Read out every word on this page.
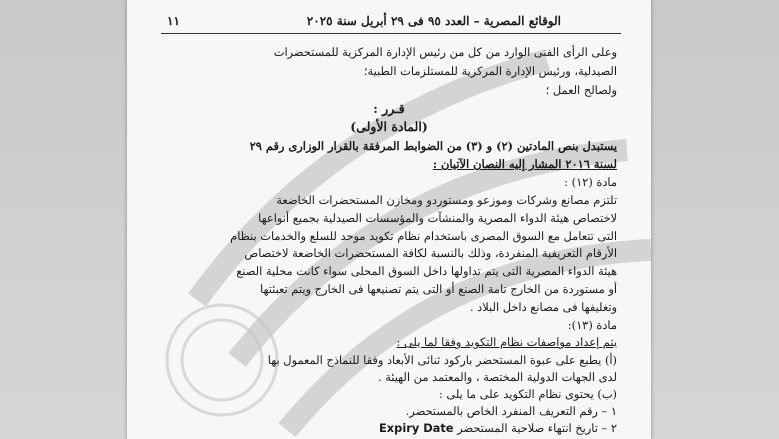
الوقائع المصرية – العدد ٩٥ فى ٢٩ أبريل سنة ٢٠٢٥
١١
وعلى الرأى الفنى الوارد من كل من رئيس الإدارة المركزية للمستحضرات
الصيدلية، ورئيس الإدارة المركزية للمستلزمات الطبية؛
ولصالح العمل ؛
قـرر :
(المادة الأولى)
يستبدل بنص المادتين (٢) و (٣) من الضوابط المرفقة بالقرار الوزارى رقم ٢٩
لسنة ٢٠١٦ المشار إليه النصان الآتيان :
مادة (١٢) :
تلتزم مصانع وشركات وموزعو ومستوردو ومخازن المستحضرات الخاضعة
لاختصاص هيئة الدواء المصرية والمنشآت والمؤسسات الصيدلية بجميع أنواعها
التى تتعامل مع السوق المصرى باستخدام نظام تكويد موحد للسلع والخدمات بنظام
الأرقام التعريفية المنفردة، وذلك بالنسبة لكافة المستحضرات الخاضعة لاختصاص
هيئة الدواء المصرية التى يتم تداولها داخل السوق المحلى سواء كانت محلية الصنع
أو مستوردة من الخارج تامة الصنع أو التى يتم تصنيعها فى الخارج ويتم تعبئتها
وتغليفها فى مصانع داخل البلاد .
مادة (١٣):
يتم إعداد مواصفات نظام التكويد وفقا لما يلى :
(أ) يطبع على عبوة المستحضر باركود ثنائى الأبعاد وفقا للنماذج المعمول بها
لدى الجهات الدولية المختصة ، والمعتمد من الهيئة .
(ب) يحتوى نظام التكويد على ما يلى :
١ – رقم التعريف المنفرد الخاص بالمستحضر.
٢ – تاريخ انتهاء صلاحية المستحضر Expiry Date
